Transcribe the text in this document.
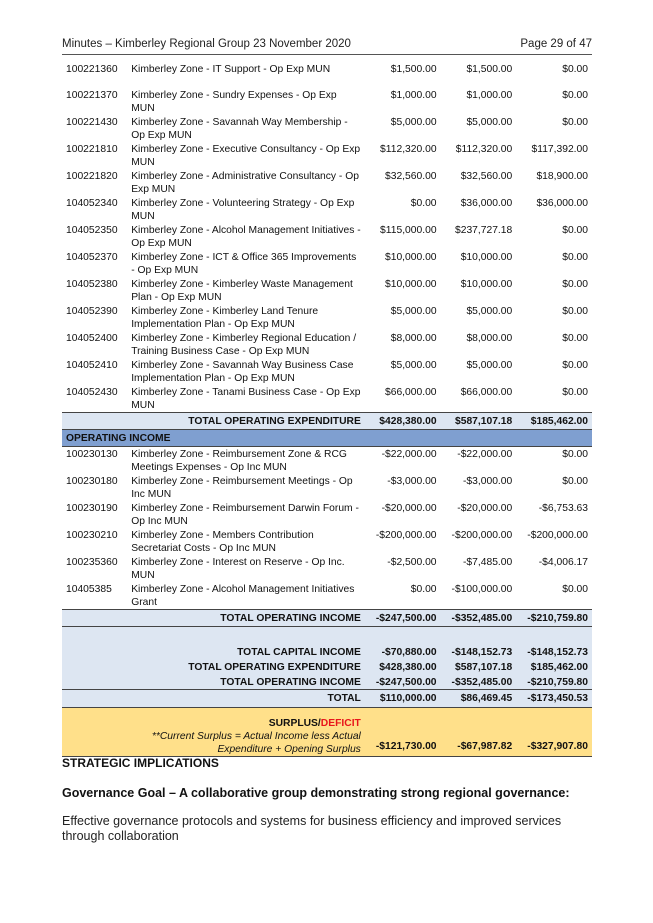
Minutes – Kimberley Regional Group 23 November 2020	Page 29 of 47
100221360	Kimberley Zone - IT Support - Op Exp MUN	$1,500.00	$1,500.00	$0.00
100221370	Kimberley Zone - Sundry Expenses - Op Exp MUN	$1,000.00	$1,000.00	$0.00
100221430	Kimberley Zone - Savannah Way Membership - Op Exp MUN	$5,000.00	$5,000.00	$0.00
100221810	Kimberley Zone - Executive Consultancy - Op Exp MUN	$112,320.00	$112,320.00	$117,392.00
100221820	Kimberley Zone - Administrative Consultancy - Op Exp MUN	$32,560.00	$32,560.00	$18,900.00
104052340	Kimberley Zone - Volunteering Strategy - Op Exp MUN	$0.00	$36,000.00	$36,000.00
104052350	Kimberley Zone - Alcohol Management Initiatives - Op Exp MUN	$115,000.00	$237,727.18	$0.00
104052370	Kimberley Zone - ICT & Office 365 Improvements - Op Exp MUN	$10,000.00	$10,000.00	$0.00
104052380	Kimberley Zone - Kimberley Waste Management Plan - Op Exp MUN	$10,000.00	$10,000.00	$0.00
104052390	Kimberley Zone - Kimberley Land Tenure Implementation Plan - Op Exp MUN	$5,000.00	$5,000.00	$0.00
104052400	Kimberley Zone - Kimberley Regional Education / Training Business Case - Op Exp MUN	$8,000.00	$8,000.00	$0.00
104052410	Kimberley Zone - Savannah Way Business Case Implementation Plan - Op Exp MUN	$5,000.00	$5,000.00	$0.00
104052430	Kimberley Zone - Tanami Business Case - Op Exp MUN	$66,000.00	$66,000.00	$0.00
TOTAL OPERATING EXPENDITURE		$428,380.00	$587,107.18	$185,462.00
OPERATING INCOME				
100230130	Kimberley Zone - Reimbursement Zone & RCG Meetings Expenses - Op Inc MUN	-$22,000.00	-$22,000.00	$0.00
100230180	Kimberley Zone - Reimbursement Meetings - Op Inc MUN	-$3,000.00	-$3,000.00	$0.00
100230190	Kimberley Zone - Reimbursement Darwin Forum - Op Inc MUN	-$20,000.00	-$20,000.00	-$6,753.63
100230210	Kimberley Zone - Members Contribution Secretariat Costs - Op Inc MUN	-$200,000.00	-$200,000.00	-$200,000.00
100235360	Kimberley Zone - Interest on Reserve - Op Inc. MUN	-$2,500.00	-$7,485.00	-$4,006.17
10405385	Kimberley Zone - Alcohol Management Initiatives Grant	$0.00	-$100,000.00	$0.00
TOTAL OPERATING INCOME		-$247,500.00	-$352,485.00	-$210,759.80

TOTAL CAPITAL INCOME		-$70,880.00	-$148,152.73	-$148,152.73
TOTAL OPERATING EXPENDITURE		$428,380.00	$587,107.18	$185,462.00
TOTAL OPERATING INCOME		-$247,500.00	-$352,485.00	-$210,759.80
TOTAL		$110,000.00	$86,469.45	-$173,450.53

SURPLUS/DEFICIT
**Current Surplus = Actual Income less Actual
Expenditure + Opening Surplus		-$121,730.00	-$67,987.82	-$327,907.80
STRATEGIC IMPLICATIONS
Governance Goal – A collaborative group demonstrating strong regional governance:
Effective governance protocols and systems for business efficiency and improved services through collaboration
